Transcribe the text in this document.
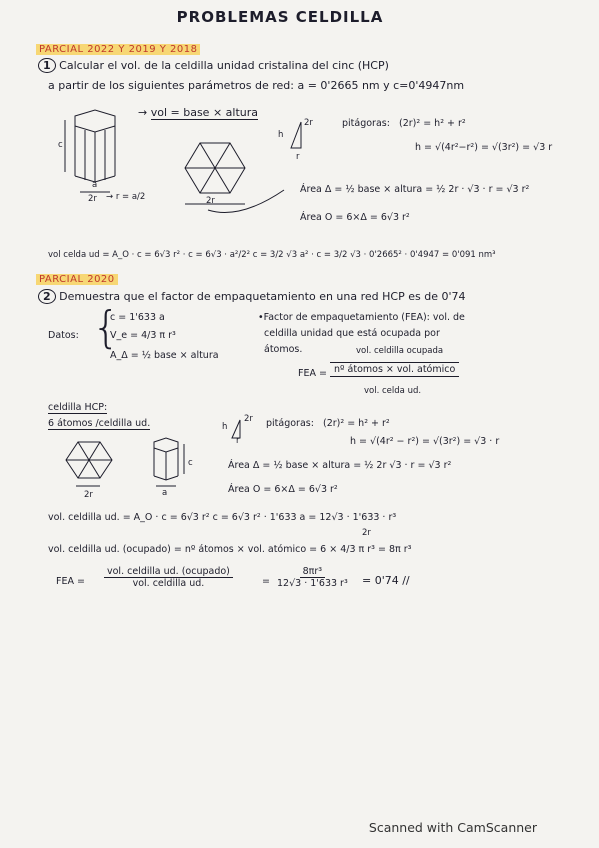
PROBLEMAS CELDILLA
PARCIAL 2022 Y 2019 Y 2018
1 Calcular el vol. de la celdilla unidad cristalina del cinc (HCP)
a partir de los siguientes parámetros de red: a = 0'2665 nm y c=0'4947nm
c
a
2r → r = a/2
→ vol = base × altura
2r
2r
h
r
pitágoras: (2r)² = h² + r²
h = √(4r²−r²) = √(3r²) = √3 r
Área Δ = ½ base × altura = ½ 2r · √3 · r = √3 r²
Área O = 6×Δ = 6√3 r²
vol celda ud = A_O · c = 6√3 r² · c = 6√3 · a²/2² c = 3/2 √3 a² · c = 3/2 √3 · 0'2665² · 0'4947 = 0'091 nm³
PARCIAL 2020
2 Demuestra que el factor de empaquetamiento en una red HCP es de 0'74
Datos: {
c = 1'633 a
V_e = 4/3 π r³
A_Δ = ½ base × altura
•Factor de empaquetamiento (FEA): vol. de
celdilla unidad que está ocupada por
átomos.	vol. celdilla ocupada
FEA = nº átomos × vol. atómico
vol. celda ud.
celdilla HCP:
6 átomos /celdilla ud.
2r
c
a
2r
h
r
pitágoras: (2r)² = h² + r²
h = √(4r² − r²) = √(3r²) = √3 · r
Área Δ = ½ base × altura = ½ 2r √3 · r = √3 r²
Área O = 6×Δ = 6√3 r²
vol. celdilla ud. = A_O · c = 6√3 r² c = 6√3 r² · 1'633 a = 12√3 · 1'633 · r³
2r
vol. celdilla ud. (ocupado) = nº átomos × vol. atómico = 6 × 4/3 π r³ = 8π r³
FEA = $\frac{\text{vol. celdilla ud. (ocupado)}}{\text{vol. celdilla ud.}}$	= $\frac{\text{8πr³}}{\text{12√3 · 1'633 r³}} = 0'74$ //
Scanned with CamScanner
